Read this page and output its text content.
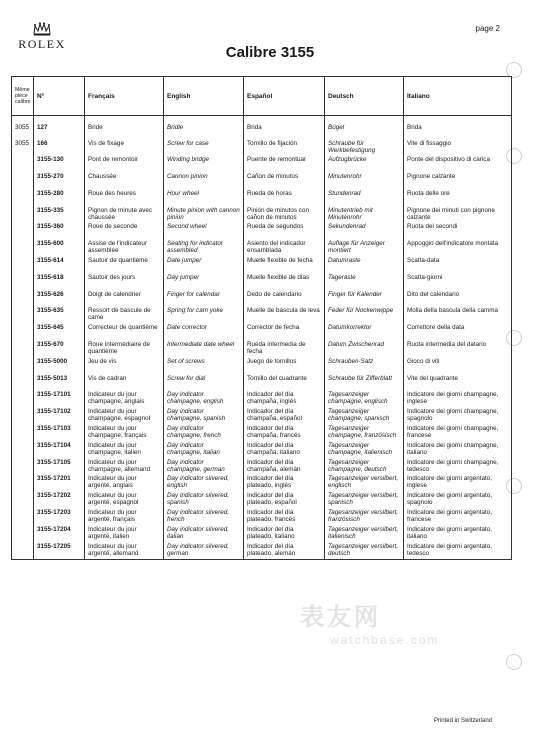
ROLEX
page 2
Calibre 3155
Même pièce calibre	N°	Français	English	Español	Deutsch	Italiano
3055	127	Bride	Bridle	Brida	Bügel	Brida
3055	166	Vis de fixage	Screw for case	Tornillo de fijación	Schraube für Werkbefestigung	Vite di fissaggio
	3155-130	Pont de remontoir	Winding bridge	Puente de remontuar	Aufzugbrücke	Ponte del dispositivo di carica
	3155-270	Chaussée	Cannon pinion	Cañon de minutos	Minutenrohr	Pignone calzante
	3155-280	Roue des heures	Hour wheel	Rueda de horas	Stundenrad	Ruota delle ore
	3155-335	Pignon de minute avec chaussée	Minute pinion with cannon pinion	Pinión de minutos con cañon de minutos	Minutentrieb mit Minutenrohr	Pignone dei minuti con pignone calzante
	3155-360	Roue de seconde	Second wheel	Rueda de segundos	Sekundenrad	Ruota dei secondi
	3155-600	Assise de l'indicateur assemblée	Seating for indicator assembled	Asiento del indicador ensamblada	Auflage für Anzeiger montiert	Appoggio dell'indicatore montata
	3155-614	Sautoir de quantième	Date jumper	Muelle flexible de fecha	Datumraste	Scatta-data
	3155-618	Sautoir des jours	Day jumper	Muelle flexible de días	Tageraste	Scatta-giorni
	3155-626	Doigt de calendrier	Finger for calendar	Dedo de calendario	Finger für Kalender	Dito del calendario
	3155-635	Ressort de bascule de came	Spring for cam yoke	Muelle de báscula de leva	Feder für Nockenwippe	Molla della bascula della camma
	3155-645	Correcteur de quantième	Date corrector	Corrector de fecha	Datumkorrektor	Correttore della data
	3155-670	Roue intermédiaire de quantième	Intermediate date wheel	Rueda intermedia de fecha	Datum Zwischenrad	Ruota intermedia del datario
	3155-5000	Jeu de vis	Set of screws	Juego de tornillos	Schrauben-Satz	Gioco di viti
	3155-5013	Vis de cadran	Screw for dial	Tornillo del cuadrante	Schraube für Zifferblatt	Vite del quadrante
	3155-17101	Indicateur du jour champagne, anglais	Day indicator champagne, english	Indicador del día champaña, inglés	Tagesanzeiger champagne, englisch	Indicatore dei giorni champagne, inglese
	3155-17102	Indicateur du jour champagne, espagnol	Day indicator champagne, spanish	Indicador del día champaña, español	Tagesanzeiger champagne, spanisch	Indicatore dei giorni champagne, spagnolo
	3155-17103	Indicateur du jour champagne, français	Day indicator champagne, french	Indicador del día champaña, francés	Tagesanzeiger champagne, französisch	Indicatore dei giorni champagne, francese
	3155-17104	Indicateur du jour champagne, italien	Day indicator champagne, italian	Indicador del día champaña, italiano	Tagesanzeiger champagne, italienisch	Indicatore dei giorni champagne, italiano
	3155-17105	Indicateur du jour champagne, allemand	Day indicator champagne, german	Indicador del día champaña, alemán	Tagesanzeiger champagne, deutsch	Indicatore dei giorni champagne, tedesco
	3155-17201	Indicateur du jour argenté, anglais	Day indicator silvered, english	Indicador del día plateado, inglés	Tagesanzeiger versilbert, englisch	Indicatore dei giorni argentato, inglese
	3155-17202	Indicateur du jour argenté, espagnol	Day indicator silvered, spanish	Indicador del día plateado, español	Tagesanzeiger versilbert, spanisch	Indicatore dei giorni argentato, spagnolo
	3155-17203	Indicateur du jour argenté, français	Day indicator silvered, french	Indicador del día plateado, francés	Tagesanzeiger versilbert, französisch	Indicatore dei giorni argentato, francese
	3155-17204	Indicateur du jour argenté, italien	Day indicator silvered, italian	Indicador del día plateado, italiano	Tagesanzeiger versilbert, italienisch	Indicatore dei giorni argentato, italiano
	3155-17205	Indicateur du jour argenté, allemand	Day indicator silvered, german	Indicador del día plateado, alemán	Tagesanzeiger versilbert, deutsch	Indicatore dei giorni argentato, tedesco
表友网
watchbase.com
Printed in Switzerland
